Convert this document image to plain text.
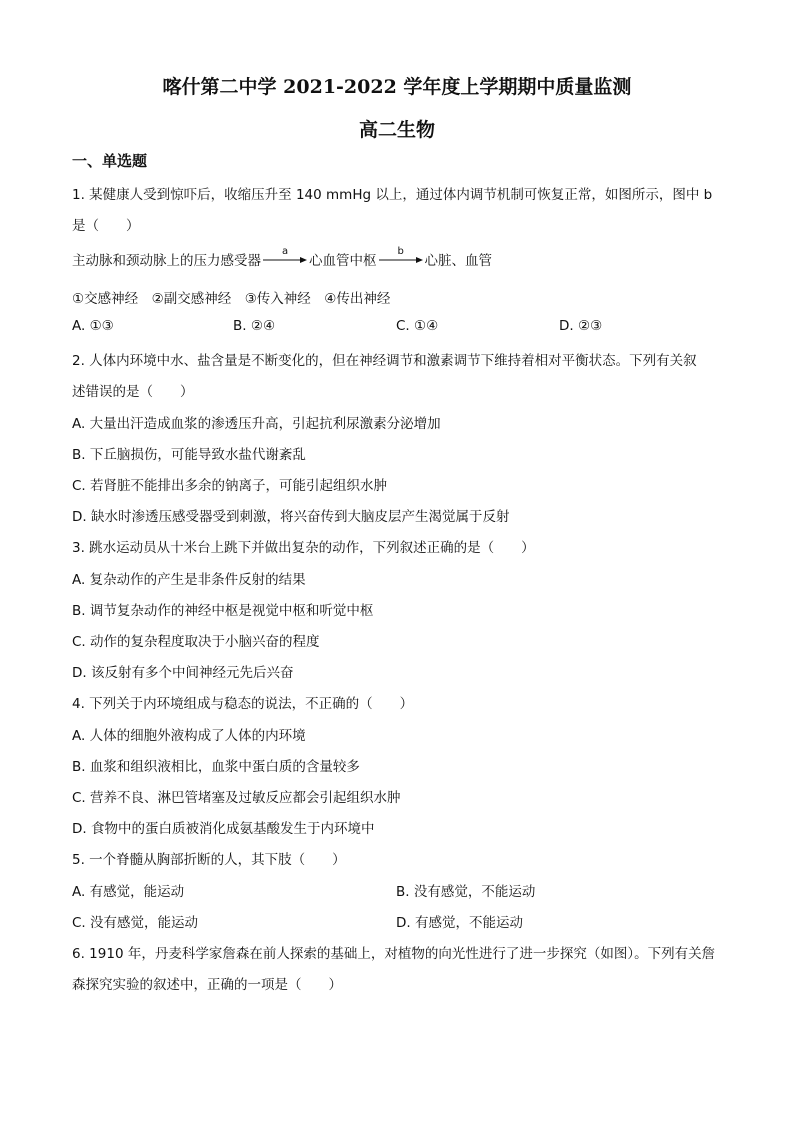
喀什第二中学 2021-2022 学年度上学期期中质量监测
高二生物
一、单选题
1. 某健康人受到惊吓后，收缩压升至 140 mmHg 以上，通过体内调节机制可恢复正常，如图所示，图中 b
是（　　）
主动脉和颈动脉上的压力感受器
a
心血管中枢
b
心脏、血管
①交感神经　②副交感神经　③传入神经　④传出神经
A. ①③	B. ②④	C. ①④	D. ②③
2. 人体内环境中水、盐含量是不断变化的，但在神经调节和激素调节下维持着相对平衡状态。下列有关叙
述错误的是（　　）
A. 大量出汗造成血浆的渗透压升高，引起抗利尿激素分泌增加
B. 下丘脑损伤，可能导致水盐代谢紊乱
C. 若肾脏不能排出多余的钠离子，可能引起组织水肿
D. 缺水时渗透压感受器受到刺激，将兴奋传到大脑皮层产生渴觉属于反射
3. 跳水运动员从十米台上跳下并做出复杂的动作，下列叙述正确的是（　　）
A. 复杂动作的产生是非条件反射的结果
B. 调节复杂动作的神经中枢是视觉中枢和听觉中枢
C. 动作的复杂程度取决于小脑兴奋的程度
D. 该反射有多个中间神经元先后兴奋
4. 下列关于内环境组成与稳态的说法，不正确的（　　）
A. 人体的细胞外液构成了人体的内环境
B. 血浆和组织液相比，血浆中蛋白质的含量较多
C. 营养不良、淋巴管堵塞及过敏反应都会引起组织水肿
D. 食物中的蛋白质被消化成氨基酸发生于内环境中
5. 一个脊髓从胸部折断的人，其下肢（　　）
A. 有感觉，能运动	B. 没有感觉，不能运动
C. 没有感觉，能运动	D. 有感觉，不能运动
6. 1910 年，丹麦科学家詹森在前人探索的基础上，对植物的向光性进行了进一步探究（如图）。下列有关詹
森探究实验的叙述中，正确的一项是（　　）
